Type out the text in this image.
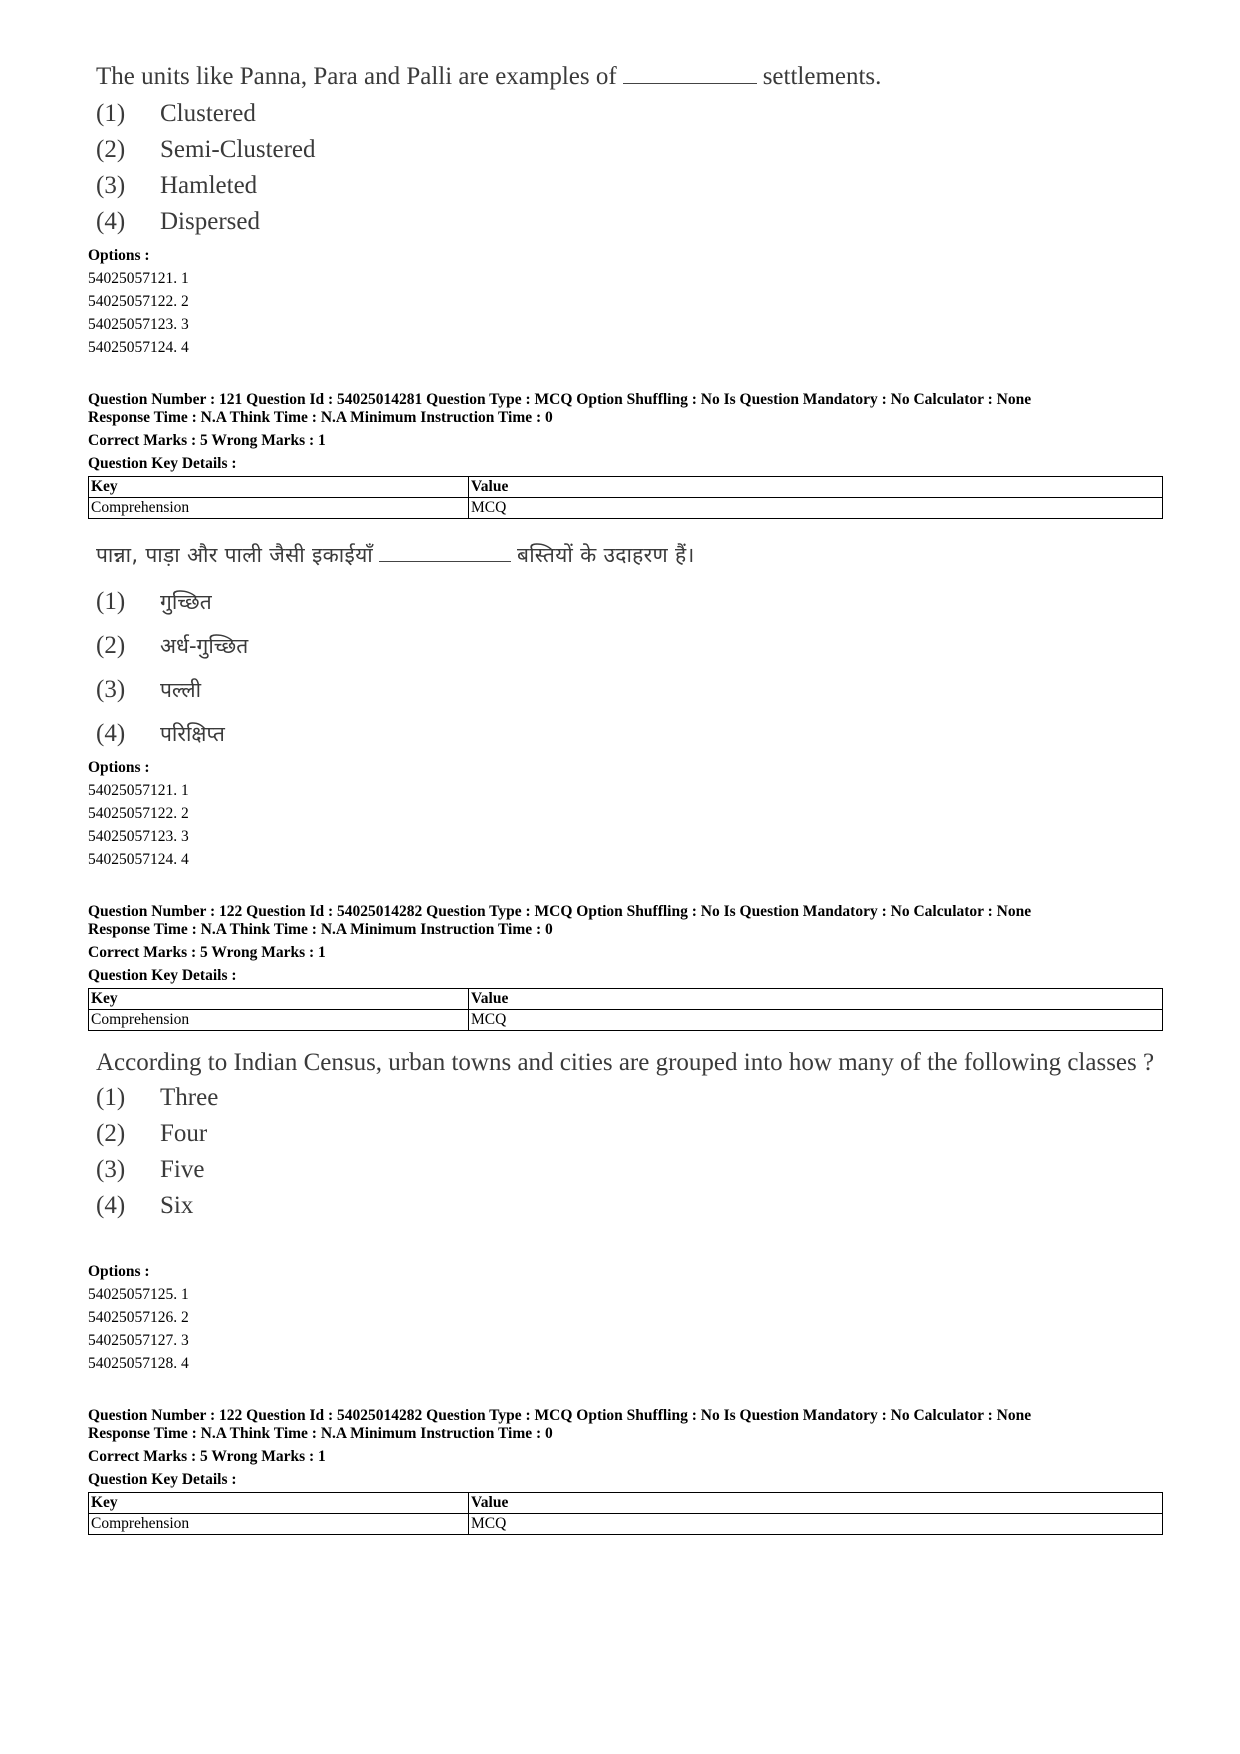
The units like Panna, Para and Palli are examples of	settlements.
(1)	Clustered
(2)	Semi-Clustered
(3)	Hamleted
(4)	Dispersed
Options :
54025057121. 1
54025057122. 2
54025057123. 3
54025057124. 4
Question Number : 121 Question Id : 54025014281 Question Type : MCQ Option Shuffling : No Is Question Mandatory : No Calculator : None
Response Time : N.A Think Time : N.A Minimum Instruction Time : 0
Correct Marks : 5 Wrong Marks : 1
Question Key Details :
Key	Value
Comprehension	MCQ
पान्ना, पाड़ा और पाली जैसी इकाईयाँ	बस्तियों के उदाहरण हैं।
(1)	गुच्छित
(2)	अर्ध-गुच्छित
(3)	पल्ली
(4)	परिक्षिप्त
Options :
54025057121. 1
54025057122. 2
54025057123. 3
54025057124. 4
Question Number : 122 Question Id : 54025014282 Question Type : MCQ Option Shuffling : No Is Question Mandatory : No Calculator : None
Response Time : N.A Think Time : N.A Minimum Instruction Time : 0
Correct Marks : 5 Wrong Marks : 1
Question Key Details :
Key	Value
Comprehension	MCQ
According to Indian Census, urban towns and cities are grouped into how many of the following classes ?
(1)	Three
(2)	Four
(3)	Five
(4)	Six
Options :
54025057125. 1
54025057126. 2
54025057127. 3
54025057128. 4
Question Number : 122 Question Id : 54025014282 Question Type : MCQ Option Shuffling : No Is Question Mandatory : No Calculator : None
Response Time : N.A Think Time : N.A Minimum Instruction Time : 0
Correct Marks : 5 Wrong Marks : 1
Question Key Details :
Key	Value
Comprehension	MCQ
